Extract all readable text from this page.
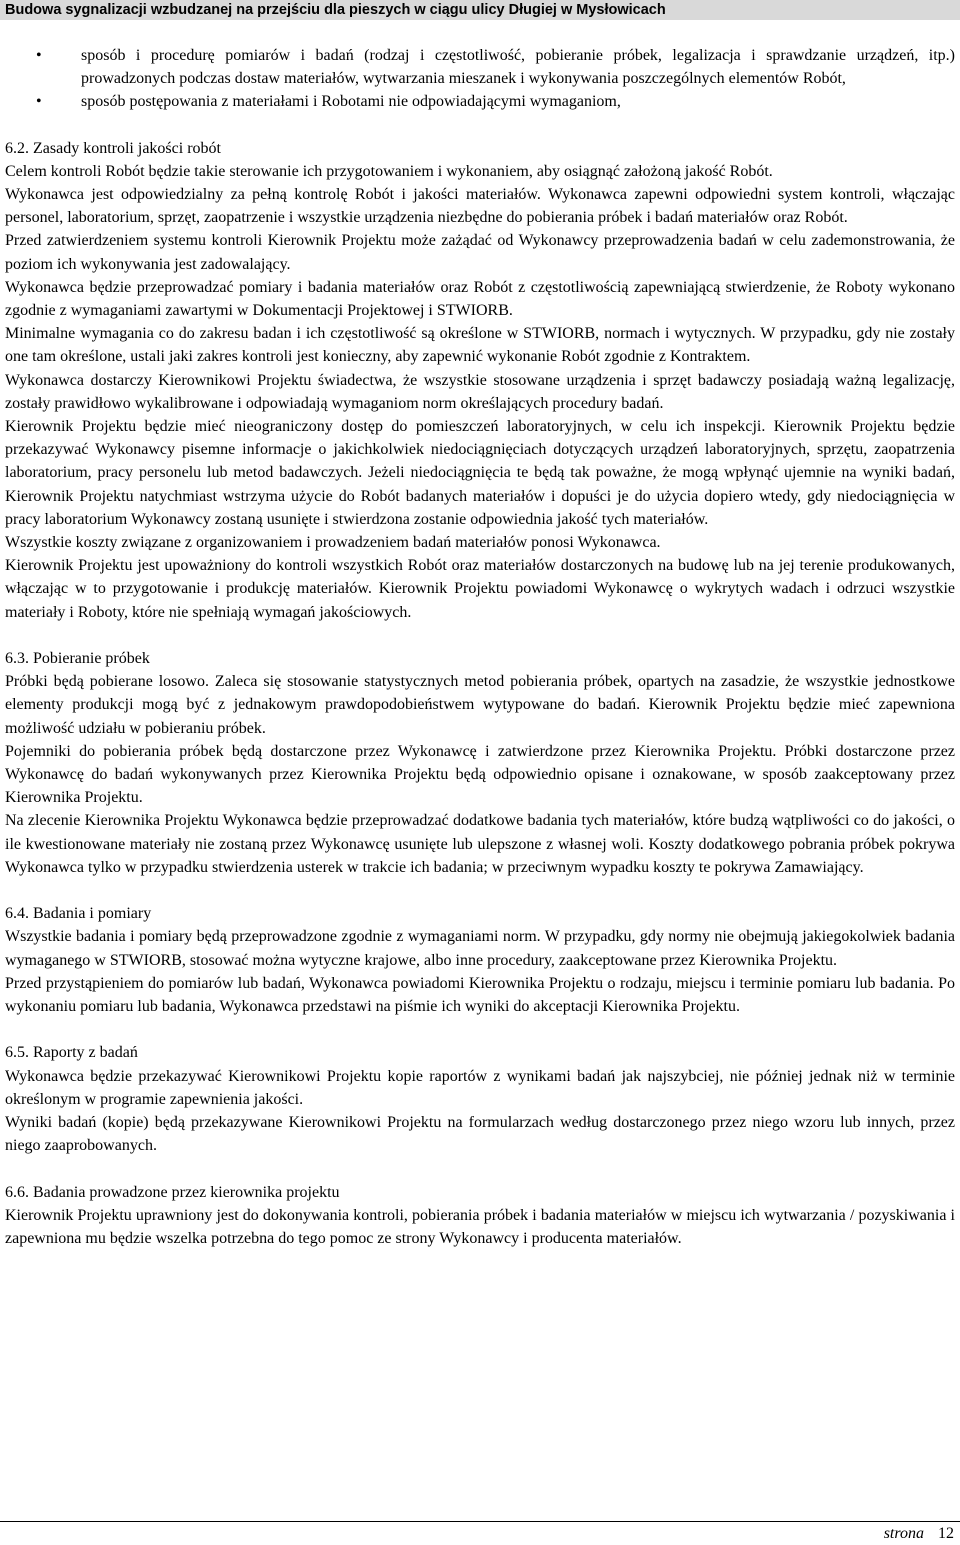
Budowa sygnalizacji wzbudzanej na przejściu dla pieszych w ciągu ulicy Długiej w Mysłowicach
• sposób i procedurę pomiarów i badań (rodzaj i częstotliwość, pobieranie próbek, legalizacja i sprawdzanie urządzeń, itp.) prowadzonych podczas dostaw materiałów, wytwarzania mieszanek i wykonywania poszczególnych elementów Robót,
• sposób postępowania z materiałami i Robotami nie odpowiadającymi wymaganiom,
6.2. Zasady kontroli jakości robót

Celem kontroli Robót będzie takie sterowanie ich przygotowaniem i wykonaniem, aby osiągnąć założoną jakość Robót.

Wykonawca jest odpowiedzialny za pełną kontrolę Robót i jakości materiałów. Wykonawca zapewni odpowiedni system kontroli, włączając personel, laboratorium, sprzęt, zaopatrzenie i wszystkie urządzenia niezbędne do pobierania próbek i badań materiałów oraz Robót.

Przed zatwierdzeniem systemu kontroli Kierownik Projektu może zażądać od Wykonawcy przeprowadzenia badań w celu zademonstrowania, że poziom ich wykonywania jest zadowalający.

Wykonawca będzie przeprowadzać pomiary i badania materiałów oraz Robót z częstotliwością zapewniającą stwierdzenie, że Roboty wykonano zgodnie z wymaganiami zawartymi w Dokumentacji Projektowej i STWIORB.

Minimalne wymagania co do zakresu badan i ich częstotliwość są określone w STWIORB, normach i wytycznych. W przypadku, gdy nie zostały one tam określone, ustali jaki zakres kontroli jest konieczny, aby zapewnić wykonanie Robót zgodnie z Kontraktem.

Wykonawca dostarczy Kierownikowi Projektu świadectwa, że wszystkie stosowane urządzenia i sprzęt badawczy posiadają ważną legalizację, zostały prawidłowo wykalibrowane i odpowiadają wymaganiom norm określających procedury badań.

Kierownik Projektu będzie mieć nieograniczony dostęp do pomieszczeń laboratoryjnych, w celu ich inspekcji. Kierownik Projektu będzie przekazywać Wykonawcy pisemne informacje o jakichkolwiek niedociągnięciach dotyczących urządzeń laboratoryjnych, sprzętu, zaopatrzenia laboratorium, pracy personelu lub metod badawczych. Jeżeli niedociągnięcia te będą tak poważne, że mogą wpłynąć ujemnie na wyniki badań, Kierownik Projektu natychmiast wstrzyma użycie do Robót badanych materiałów i dopuści je do użycia dopiero wtedy, gdy niedociągnięcia w pracy laboratorium Wykonawcy zostaną usunięte i stwierdzona zostanie odpowiednia jakość tych materiałów.

Wszystkie koszty związane z organizowaniem i prowadzeniem badań materiałów ponosi Wykonawca.

Kierownik Projektu jest upoważniony do kontroli wszystkich Robót oraz materiałów dostarczonych na budowę lub na jej terenie produkowanych, włączając w to przygotowanie i produkcję materiałów. Kierownik Projektu powiadomi Wykonawcę o wykrytych wadach i odrzuci wszystkie materiały i Roboty, które nie spełniają wymagań jakościowych.

6.3. Pobieranie próbek

Próbki będą pobierane losowo. Zaleca się stosowanie statystycznych metod pobierania próbek, opartych na zasadzie, że wszystkie jednostkowe elementy produkcji mogą być z jednakowym prawdopodobieństwem wytypowane do badań. Kierownik Projektu będzie mieć zapewniona możliwość udziału w pobieraniu próbek.

Pojemniki do pobierania próbek będą dostarczone przez Wykonawcę i zatwierdzone przez Kierownika Projektu. Próbki dostarczone przez Wykonawcę do badań wykonywanych przez Kierownika Projektu będą odpowiednio opisane i oznakowane, w sposób zaakceptowany przez Kierownika Projektu.

Na zlecenie Kierownika Projektu Wykonawca będzie przeprowadzać dodatkowe badania tych materiałów, które budzą wątpliwości co do jakości, o ile kwestionowane materiały nie zostaną przez Wykonawcę usunięte lub ulepszone z własnej woli. Koszty dodatkowego pobrania próbek pokrywa Wykonawca tylko w przypadku stwierdzenia usterek w trakcie ich badania; w przeciwnym wypadku koszty te pokrywa Zamawiający.

6.4. Badania i pomiary

Wszystkie badania i pomiary będą przeprowadzone zgodnie z wymaganiami norm. W przypadku, gdy normy nie obejmują jakiegokolwiek badania wymaganego w STWIORB, stosować można wytyczne krajowe, albo inne procedury, zaakceptowane przez Kierownika Projektu.

Przed przystąpieniem do pomiarów lub badań, Wykonawca powiadomi Kierownika Projektu o rodzaju, miejscu i terminie pomiaru lub badania. Po wykonaniu pomiaru lub badania, Wykonawca przedstawi na piśmie ich wyniki do akceptacji Kierownika Projektu.

6.5. Raporty z badań

Wykonawca będzie przekazywać Kierownikowi Projektu kopie raportów z wynikami badań jak najszybciej, nie później jednak niż w terminie określonym w programie zapewnienia jakości.

Wyniki badań (kopie) będą przekazywane Kierownikowi Projektu na formularzach według dostarczonego przez niego wzoru lub innych, przez niego zaaprobowanych.

6.6. Badania prowadzone przez kierownika projektu

Kierownik Projektu uprawniony jest do dokonywania kontroli, pobierania próbek i badania materiałów w miejscu ich wytwarzania / pozyskiwania i zapewniona mu będzie wszelka potrzebna do tego pomoc ze strony Wykonawcy i producenta materiałów.

strona 12
